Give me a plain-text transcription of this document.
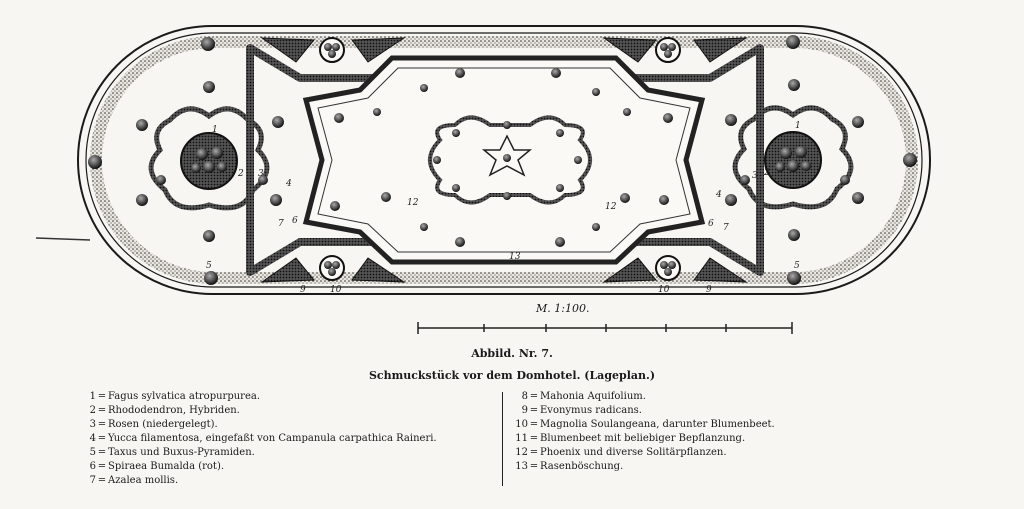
1
2 3
4
5
6
7
9	10	10	9
12	12
13
1
2
3
4
5
6 7
M. 1:100.
Abbild. Nr. 7.
Schmuckstück vor dem Domhotel. (Lageplan.)
1 = Fagus sylvatica atropurpurea.
2 = Rhododendron, Hybriden.
3 = Rosen (niedergelegt).
4 = Yucca filamentosa, eingefaßt von Campanula carpathica Raineri.
5 = Taxus und Buxus-Pyramiden.
6 = Spiraea Bumalda (rot).
7 = Azalea mollis.
8 = Mahonia Aquifolium.
9 = Evonymus radicans.
10 = Magnolia Soulangeana, darunter Blumenbeet.
11 = Blumenbeet mit beliebiger Bepflanzung.
12 = Phoenix und diverse Solitärpflanzen.
13 = Rasenböschung.
